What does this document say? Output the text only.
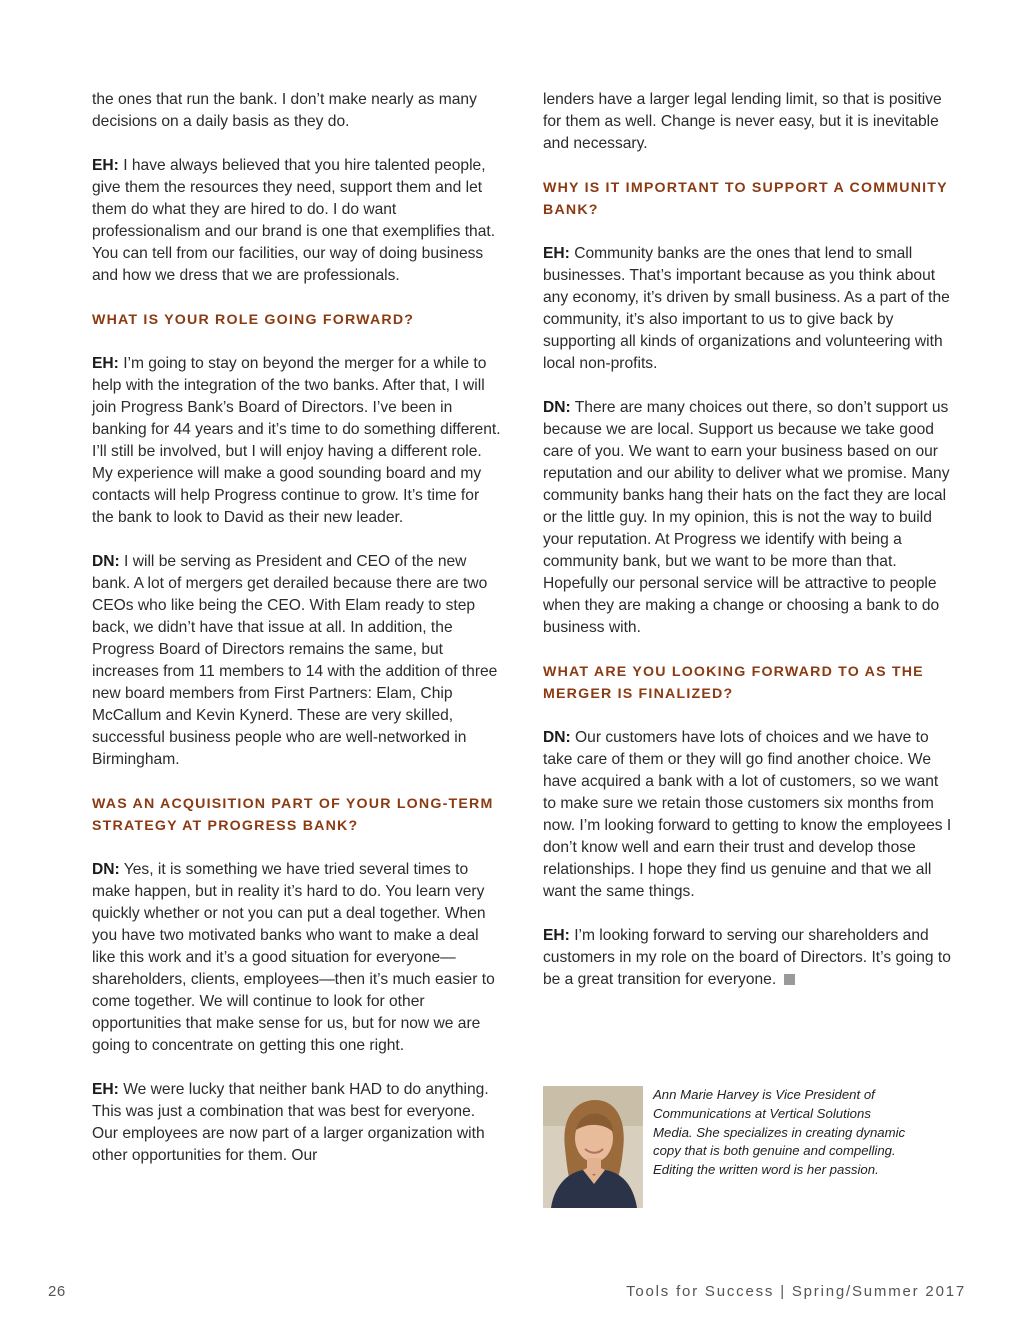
the ones that run the bank. I don’t make nearly as many decisions on a daily basis as they do.

EH: I have always believed that you hire talented people, give them the resources they need, support them and let them do what they are hired to do. I do want professionalism and our brand is one that exemplifies that. You can tell from our facilities, our way of doing business and how we dress that we are professionals.

WHAT IS YOUR ROLE GOING FORWARD?

EH: I’m going to stay on beyond the merger for a while to help with the integration of the two banks. After that, I will join Progress Bank’s Board of Directors. I’ve been in banking for 44 years and it’s time to do something different. I’ll still be involved, but I will enjoy having a different role. My experience will make a good sounding board and my contacts will help Progress continue to grow. It’s time for the bank to look to David as their new leader.

DN: I will be serving as President and CEO of the new bank. A lot of mergers get derailed because there are two CEOs who like being the CEO. With Elam ready to step back, we didn’t have that issue at all. In addition, the Progress Board of Directors remains the same, but increases from 11 members to 14 with the addition of three new board members from First Partners: Elam, Chip McCallum and Kevin Kynerd. These are very skilled, successful business people who are well-networked in Birmingham.

WAS AN ACQUISITION PART OF YOUR LONG-TERM STRATEGY AT PROGRESS BANK?

DN: Yes, it is something we have tried several times to make happen, but in reality it’s hard to do. You learn very quickly whether or not you can put a deal together. When you have two motivated banks who want to make a deal like this work and it’s a good situation for everyone—shareholders, clients, employees—then it’s much easier to come together. We will continue to look for other opportunities that make sense for us, but for now we are going to concentrate on getting this one right.

EH: We were lucky that neither bank HAD to do anything. This was just a combination that was best for everyone. Our employees are now part of a larger organization with other opportunities for them. Our

lenders have a larger legal lending limit, so that is positive for them as well. Change is never easy, but it is inevitable and necessary.

WHY IS IT IMPORTANT TO SUPPORT A COMMUNITY BANK?

EH: Community banks are the ones that lend to small businesses. That’s important because as you think about any economy, it’s driven by small business. As a part of the community, it’s also important to us to give back by supporting all kinds of organizations and volunteering with local non-profits.

DN: There are many choices out there, so don’t support us because we are local. Support us because we take good care of you. We want to earn your business based on our reputation and our ability to deliver what we promise. Many community banks hang their hats on the fact they are local or the little guy. In my opinion, this is not the way to build your reputation. At Progress we identify with being a community bank, but we want to be more than that. Hopefully our personal service will be attractive to people when they are making a change or choosing a bank to do business with.

WHAT ARE YOU LOOKING FORWARD TO AS THE MERGER IS FINALIZED?

DN: Our customers have lots of choices and we have to take care of them or they will go find another choice. We have acquired a bank with a lot of customers, so we want to make sure we retain those customers six months from now. I’m looking forward to getting to know the employees I don’t know well and earn their trust and develop those relationships. I hope they find us genuine and that we all want the same things.

EH: I’m looking forward to serving our shareholders and customers in my role on the board of Directors. It’s going to be a great transition for everyone.

Ann Marie Harvey is Vice President of Communications at Vertical Solutions Media. She specializes in creating dynamic copy that is both genuine and compelling. Editing the written word is her passion.
26	Tools for Success | Spring/Summer 2017
